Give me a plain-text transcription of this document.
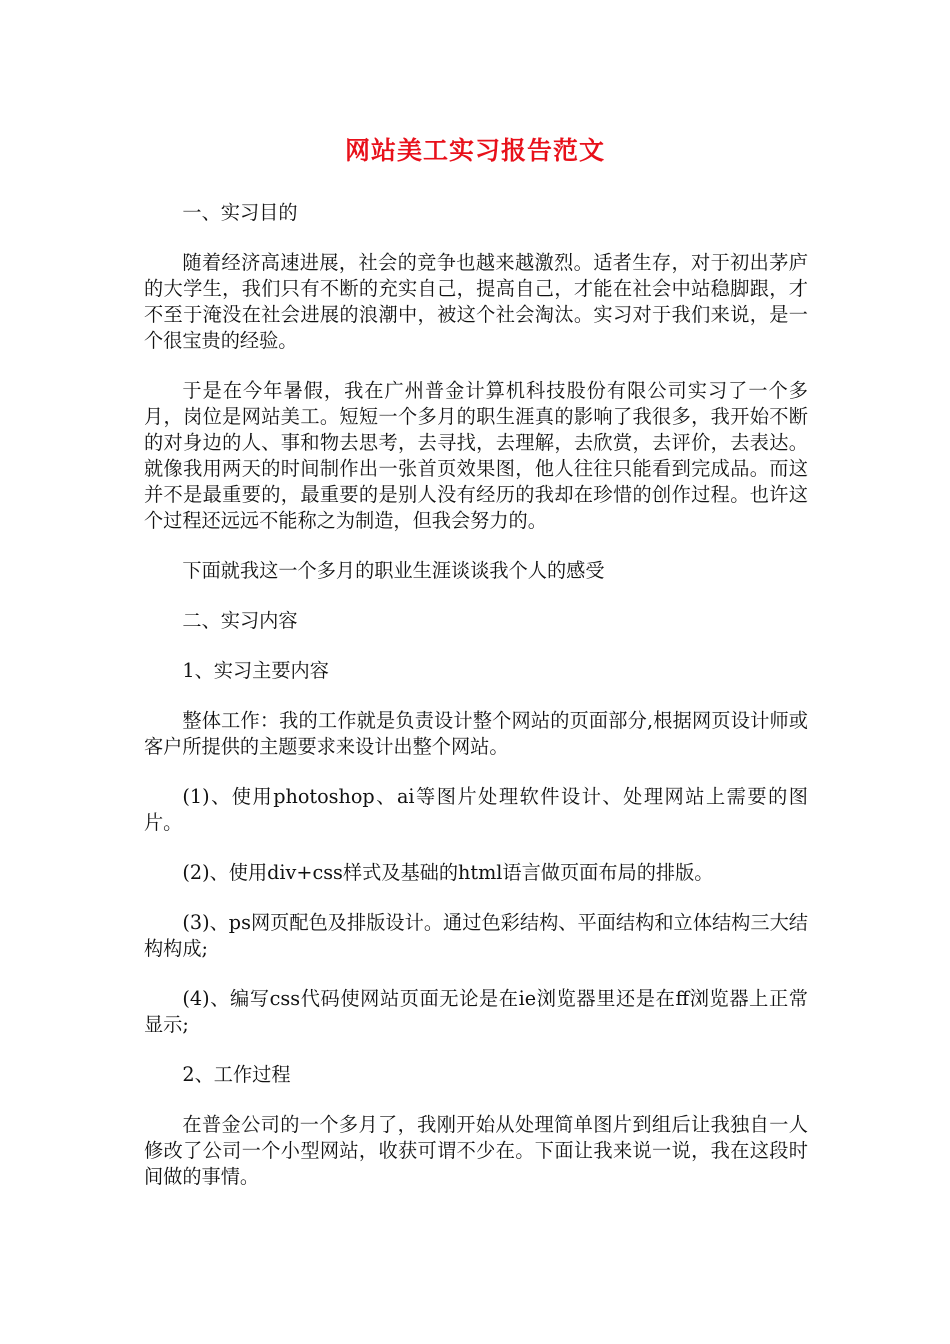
网站美工实习报告范文

一、实习目的

随着经济高速进展，社会的竞争也越来越激烈。适者生存，对于初出茅庐的大学生，我们只有不断的充实自己，提高自己，才能在社会中站稳脚跟，才不至于淹没在社会进展的浪潮中，被这个社会淘汰。实习对于我们来说，是一个很宝贵的经验。

于是在今年暑假，我在广州普金计算机科技股份有限公司实习了一个多月，岗位是网站美工。短短一个多月的职生涯真的影响了我很多，我开始不断的对身边的人、事和物去思考，去寻找，去理解，去欣赏，去评价，去表达。就像我用两天的时间制作出一张首页效果图，他人往往只能看到完成品。而这并不是最重要的，最重要的是别人没有经历的我却在珍惜的创作过程。也许这个过程还远远不能称之为制造，但我会努力的。

下面就我这一个多月的职业生涯谈谈我个人的感受

二、实习内容

1、实习主要内容

整体工作：我的工作就是负责设计整个网站的页面部分,根据网页设计师或客户所提供的主题要求来设计出整个网站。

(1)、使用photoshop、ai等图片处理软件设计、处理网站上需要的图片。

(2)、使用div+css样式及基础的html语言做页面布局的排版。

(3)、ps网页配色及排版设计。通过色彩结构、平面结构和立体结构三大结构构成;

(4)、编写css代码使网站页面无论是在ie浏览器里还是在ff浏览器上正常显示;

2、工作过程

在普金公司的一个多月了，我刚开始从处理简单图片到组后让我独自一人修改了公司一个小型网站，收获可谓不少在。下面让我来说一说，我在这段时间做的事情。
